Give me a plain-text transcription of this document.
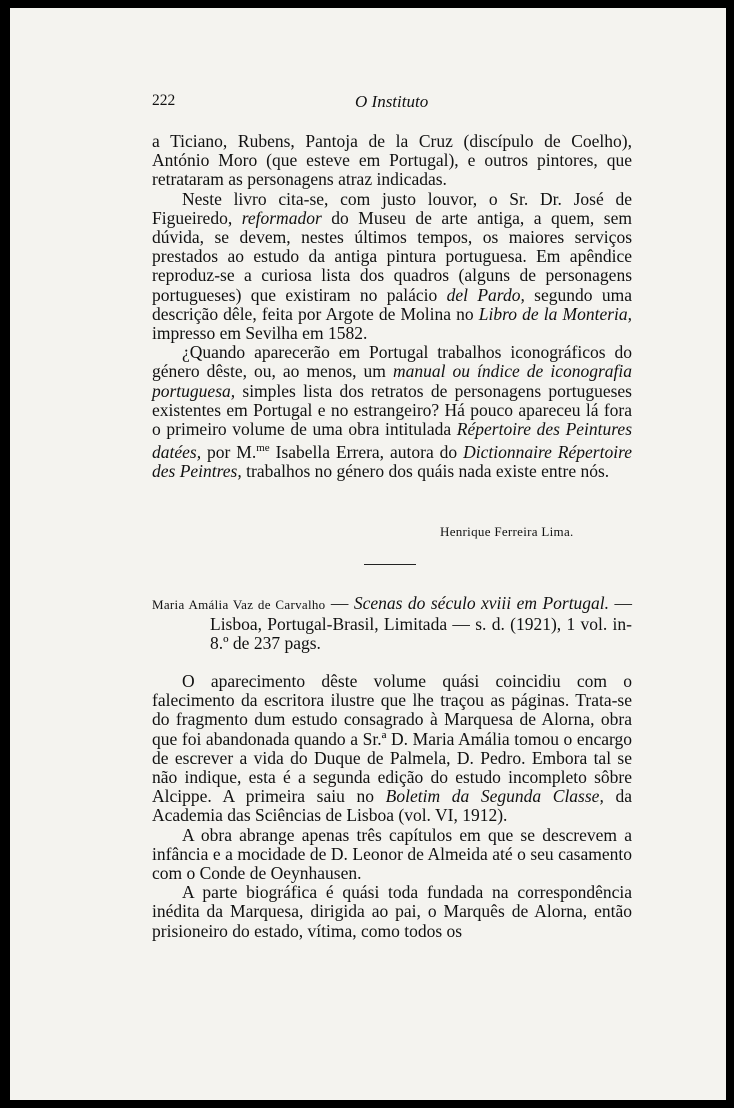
222	O Instituto

a Ticiano, Rubens, Pantoja de la Cruz (discípulo de Coelho), António Moro (que esteve em Portugal), e outros pintores, que retrataram as personagens atraz indicadas.

Neste livro cita-se, com justo louvor, o Sr. Dr. José de Figueiredo, reformador do Museu de arte antiga, a quem, sem dúvida, se devem, nestes últimos tempos, os maiores serviços prestados ao estudo da antiga pintura portuguesa. Em apêndice reproduz-se a curiosa lista dos quadros (alguns de personagens portugueses) que existiram no palácio del Pardo, segundo uma descrição dêle, feita por Argote de Molina no Libro de la Monteria, impresso em Sevilha em 1582.

¿Quando aparecerão em Portugal trabalhos iconográficos do género dêste, ou, ao menos, um manual ou índice de iconografia portuguesa, simples lista dos retratos de personagens portugueses existentes em Portugal e no estrangeiro? Há pouco apareceu lá fora o primeiro volume de uma obra intitulada Répertoire des Peintures datées, por M.$^{me}$ Isabella Errera, autora do Dictionnaire Répertoire des Peintres, trabalhos no género dos quáis nada existe entre nós.

Henrique Ferreira Lima.

Maria Amália Vaz de Carvalho — Scenas do século xviii em Portugal. — Lisboa, Portugal-Brasil, Limitada — s. d. (1921), 1 vol. in-8.º de 237 pags.

O aparecimento dêste volume quási coincidiu com o falecimento da escritora ilustre que lhe traçou as páginas. Trata-se do fragmento dum estudo consagrado à Marquesa de Alorna, obra que foi abandonada quando a Sr.ª D. Maria Amália tomou o encargo de escrever a vida do Duque de Palmela, D. Pedro. Embora tal se não indique, esta é a segunda edição do estudo incompleto sôbre Alcippe. A primeira saiu no Boletim da Segunda Classe, da Academia das Sciências de Lisboa (vol. VI, 1912).

A obra abrange apenas três capítulos em que se descrevem a infância e a mocidade de D. Leonor de Almeida até o seu casamento com o Conde de Oeynhausen.

A parte biográfica é quási toda fundada na correspondência inédita da Marquesa, dirigida ao pai, o Marquês de Alorna, então prisioneiro do estado, vítima, como todos os
